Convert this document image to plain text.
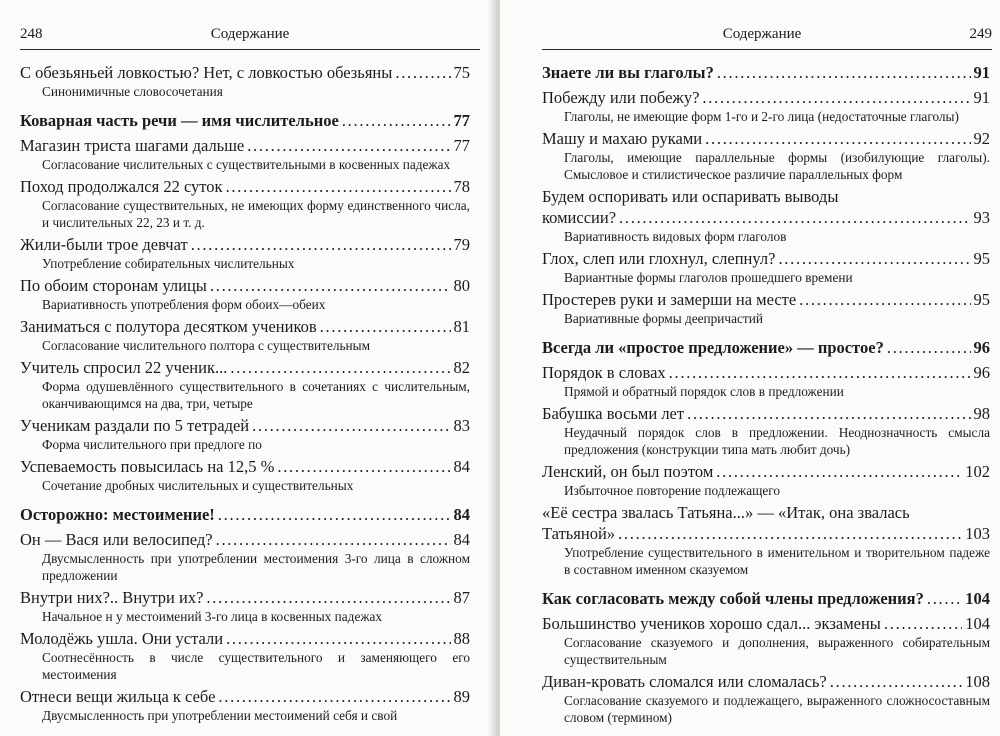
248	Содержание
С обезьяньей ловкостью? Нет, с ловкостью обезьяны . . .	75
Синонимичные словосочетания
Коварная часть речи — имя числительное . . .	77
Магазин триста шагами дальше . . .	77
Согласование числительных с существительными в косвенных падежах
Поход продолжался 22 суток . . .	78
Согласование существительных, не имеющих форму единственного числа, и числительных 22, 23 и т. д.
Жили-были трое девчат . . .	79
Употребление собирательных числительных
По обоим сторонам улицы . . .	80
Вариативность употребления форм обоих—обеих
Заниматься с полутора десятком учеников . . .	81
Согласование числительного полтора с существительным
Учитель спросил 22 ученик... . . .	82
Форма одушевлённого существительного в сочетаниях с числительным, оканчивающимся на два, три, четыре
Ученикам раздали по 5 тетрадей . . .	83
Форма числительного при предлоге по
Успеваемость повысилась на 12,5 % . . .	84
Сочетание дробных числительных и существительных
Осторожно: местоимение! . . .	84
Он — Вася или велосипед? . . .	84
Двусмысленность при употреблении местоимения 3-го лица в сложном предложении
Внутри них?.. Внутри их? . . .	87
Начальное н у местоимений 3-го лица в косвенных падежах
Молодёжь ушла. Они устали . . .	88
Соотнесённость в числе существительного и заменяющего его местоимения
Отнеси вещи жильца к себе . . .	89
Двусмысленность при употреблении местоимений себя и свой
Содержание	249
Знаете ли вы глаголы? . . .	91
Побежду или побежу? . . .	91
Глаголы, не имеющие форм 1-го и 2-го лица (недостаточные глаголы)
Машу и махаю руками . . .	92
Глаголы, имеющие параллельные формы (изобилующие глаголы). Смысловое и стилистическое различие параллельных форм
Будем оспоривать или оспаривать выводы
комиссии? . . .	93
Вариативность видовых форм глаголов
Глох, слеп или глохнул, слепнул? . . .	95
Вариантные формы глаголов прошедшего времени
Простерев руки и замерши на месте . . .	95
Вариативные формы деепричастий
Всегда ли «простое предложение» — простое? . . .	96
Порядок в словах . . .	96
Прямой и обратный порядок слов в предложении
Бабушка восьми лет . . .	98
Неудачный порядок слов в предложении. Неоднозначность смысла предложения (конструкции типа мать любит дочь)
Ленский, он был поэтом . . .	102
Избыточное повторение подлежащего
«Её сестра звалась Татьяна...» — «Итак, она звалась
Татьяной» . . .	103
Употребление существительного в именительном и творительном падеже в составном именном сказуемом
Как согласовать между собой члены предложения? . . .	104
Большинство учеников хорошо сдал... экзамены . . .	104
Согласование сказуемого и дополнения, выраженного собирательным существительным
Диван-кровать сломался или сломалась? . . .	108
Согласование сказуемого и подлежащего, выраженного сложносоставным словом (термином)
